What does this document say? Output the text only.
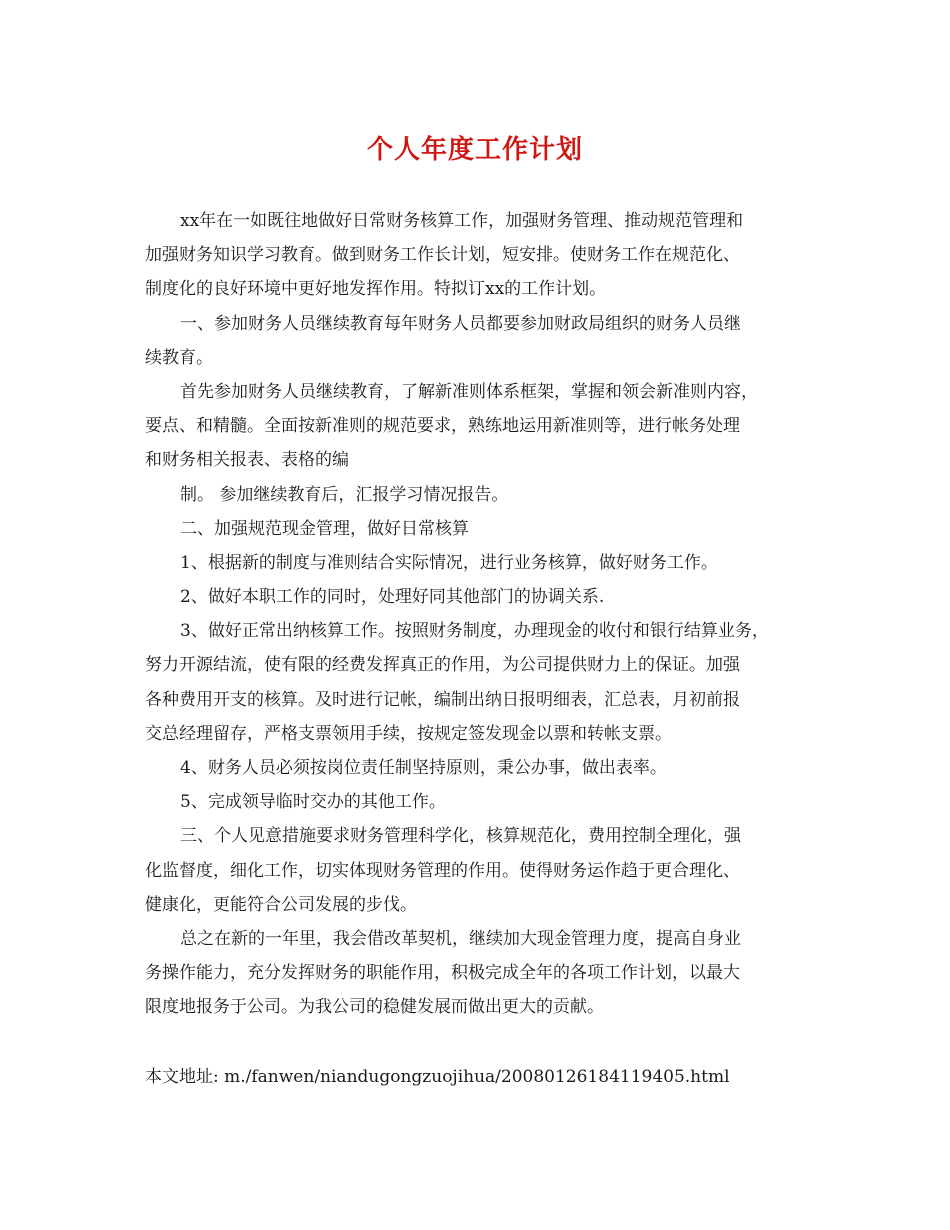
个人年度工作计划
xx年在一如既往地做好日常财务核算工作，加强财务管理、推动规范管理和
加强财务知识学习教育。做到财务工作长计划，短安排。使财务工作在规范化、
制度化的良好环境中更好地发挥作用。特拟订xx的工作计划。
一、参加财务人员继续教育每年财务人员都要参加财政局组织的财务人员继
续教育。
首先参加财务人员继续教育，了解新准则体系框架，掌握和领会新准则内容，
要点、和精髓。全面按新准则的规范要求，熟练地运用新准则等，进行帐务处理
和财务相关报表、表格的编
制。 参加继续教育后，汇报学习情况报告。
二、加强规范现金管理，做好日常核算
1、根据新的制度与准则结合实际情况，进行业务核算，做好财务工作。
2、做好本职工作的同时，处理好同其他部门的协调关系.
3、做好正常出纳核算工作。按照财务制度，办理现金的收付和银行结算业务，
努力开源结流，使有限的经费发挥真正的作用，为公司提供财力上的保证。加强
各种费用开支的核算。及时进行记帐，编制出纳日报明细表，汇总表，月初前报
交总经理留存，严格支票领用手续，按规定签发现金以票和转帐支票。
4、财务人员必须按岗位责任制坚持原则，秉公办事，做出表率。
5、完成领导临时交办的其他工作。
三、个人见意措施要求财务管理科学化，核算规范化，费用控制全理化，强
化监督度，细化工作，切实体现财务管理的作用。使得财务运作趋于更合理化、
健康化，更能符合公司发展的步伐。
总之在新的一年里，我会借改革契机，继续加大现金管理力度，提高自身业
务操作能力，充分发挥财务的职能作用，积极完成全年的各项工作计划，以最大
限度地报务于公司。为我公司的稳健发展而做出更大的贡献。
本文地址: m./fanwen/niandugongzuojihua/20080126184119405.html
